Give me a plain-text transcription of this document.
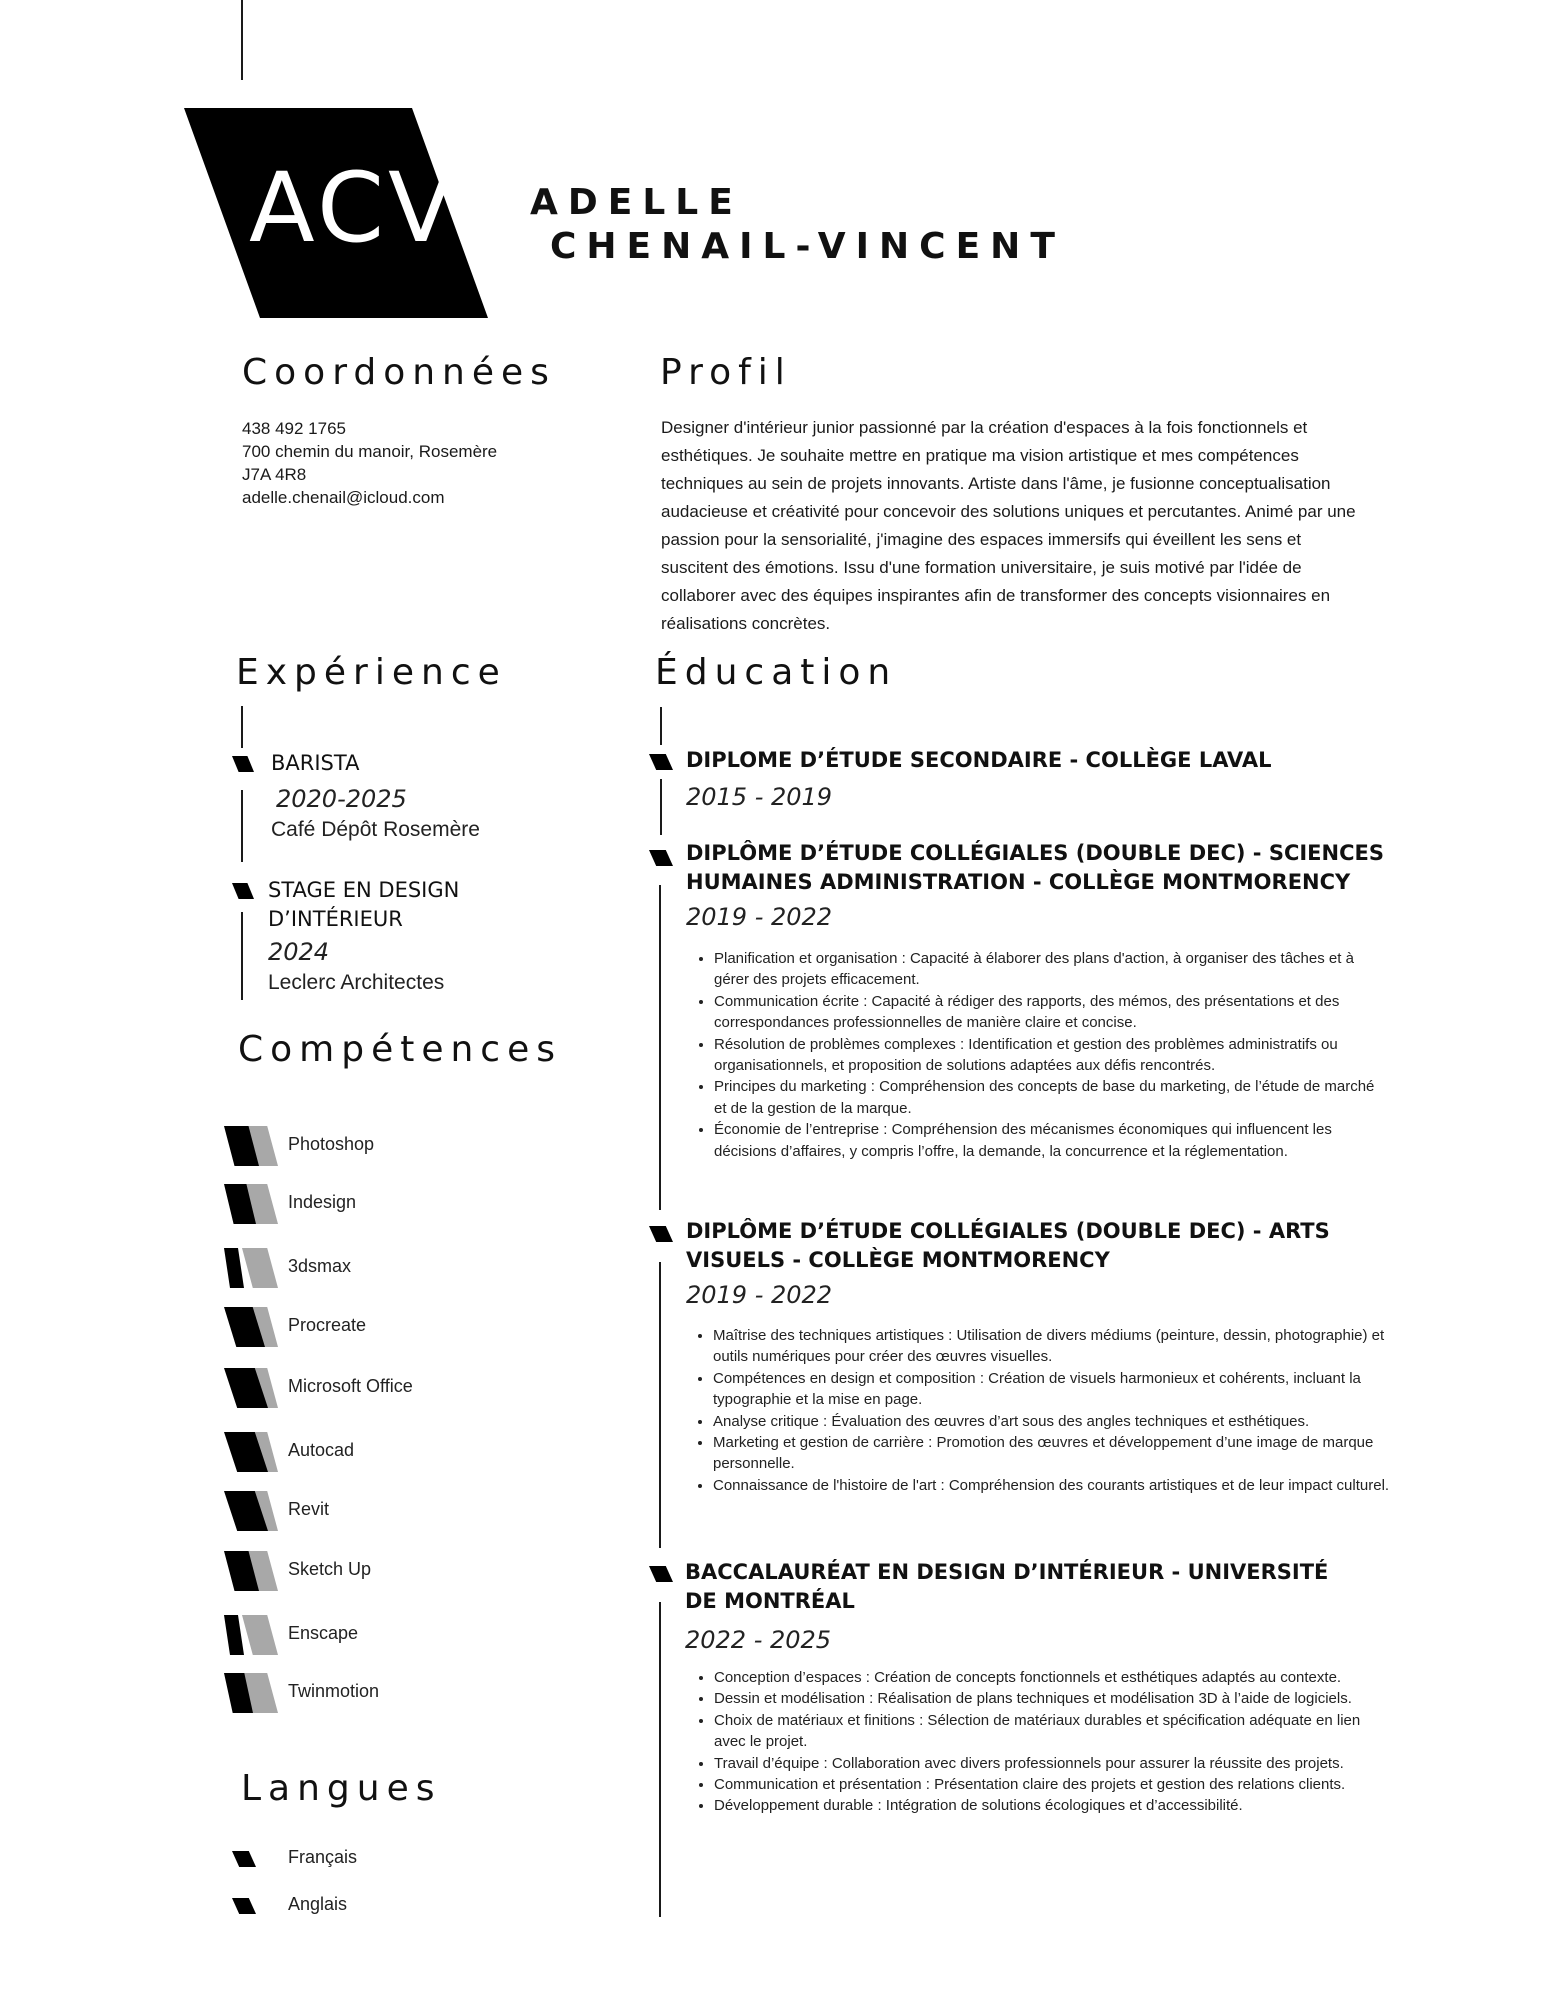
ACV ADELLE
CHENAIL-VINCENT
Coordonnées
438 492 1765
700 chemin du manoir, Rosemère
J7A 4R8
adelle.chenail@icloud.com
Profil
Designer d'intérieur junior passionné par la création d'espaces à la fois fonctionnels et esthétiques. Je souhaite mettre en pratique ma vision artistique et mes compétences techniques au sein de projets innovants. Artiste dans l'âme, je fusionne conceptualisation audacieuse et créativité pour concevoir des solutions uniques et percutantes. Animé par une passion pour la sensorialité, j'imagine des espaces immersifs qui éveillent les sens et suscitent des émotions. Issu d'une formation universitaire, je suis motivé par l'idée de collaborer avec des équipes inspirantes afin de transformer des concepts visionnaires en réalisations concrètes.
Expérience
BARISTA
2020-2025
Café Dépôt Rosemère
STAGE EN DESIGN D’INTÉRIEUR
2024
Leclerc Architectes
Compétences
Photoshop
Indesign
3dsmax
Procreate
Microsoft Office
Autocad
Revit
Sketch Up
Enscape
Twinmotion
Langues
Français
Anglais
Éducation
DIPLOME D’ÉTUDE SECONDAIRE - COLLÈGE LAVAL
2015 - 2019
DIPLÔME D’ÉTUDE COLLÉGIALES (DOUBLE DEC) - SCIENCES HUMAINES ADMINISTRATION - COLLÈGE MONTMORENCY
2019 - 2022
• Planification et organisation : Capacité à élaborer des plans d'action, à organiser des tâches et à gérer des projets efficacement.
• Communication écrite : Capacité à rédiger des rapports, des mémos, des présentations et des correspondances professionnelles de manière claire et concise.
• Résolution de problèmes complexes : Identification et gestion des problèmes administratifs ou organisationnels, et proposition de solutions adaptées aux défis rencontrés.
• Principes du marketing : Compréhension des concepts de base du marketing, de l’étude de marché et de la gestion de la marque.
• Économie de l’entreprise : Compréhension des mécanismes économiques qui influencent les décisions d’affaires, y compris l’offre, la demande, la concurrence et la réglementation.
DIPLÔME D’ÉTUDE COLLÉGIALES (DOUBLE DEC) - ARTS VISUELS - COLLÈGE MONTMORENCY
2019 - 2022
• Maîtrise des techniques artistiques : Utilisation de divers médiums (peinture, dessin, photographie) et outils numériques pour créer des œuvres visuelles.
• Compétences en design et composition : Création de visuels harmonieux et cohérents, incluant la typographie et la mise en page.
• Analyse critique : Évaluation des œuvres d’art sous des angles techniques et esthétiques.
• Marketing et gestion de carrière : Promotion des œuvres et développement d’une image de marque personnelle.
• Connaissance de l'histoire de l'art : Compréhension des courants artistiques et de leur impact culturel.
BACCALAURÉAT EN DESIGN D’INTÉRIEUR - UNIVERSITÉ DE MONTRÉAL
2022 - 2025
• Conception d’espaces : Création de concepts fonctionnels et esthétiques adaptés au contexte.
• Dessin et modélisation : Réalisation de plans techniques et modélisation 3D à l’aide de logiciels.
• Choix de matériaux et finitions : Sélection de matériaux durables et spécification adéquate en lien avec le projet.
• Travail d’équipe : Collaboration avec divers professionnels pour assurer la réussite des projets.
• Communication et présentation : Présentation claire des projets et gestion des relations clients.
• Développement durable : Intégration de solutions écologiques et d’accessibilité.
